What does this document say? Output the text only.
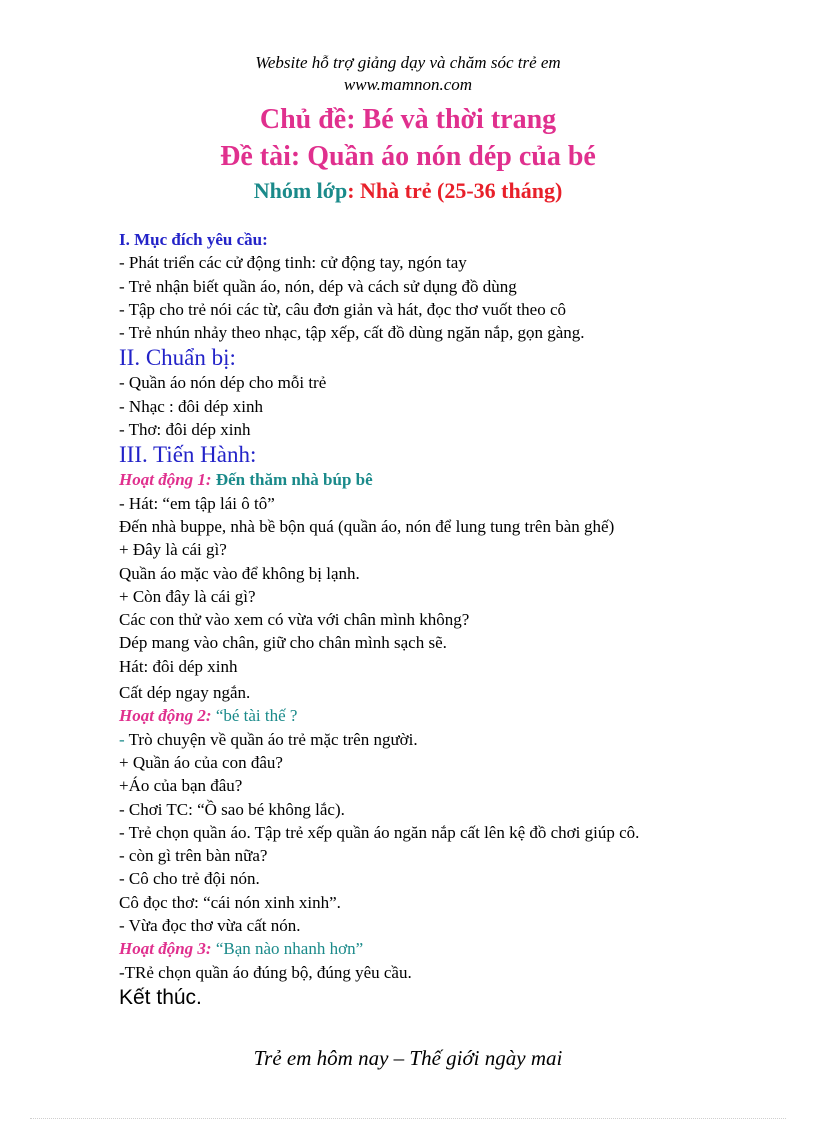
Website hỗ trợ giảng dạy và chăm sóc trẻ em
www.mamnon.com
Chủ đề: Bé và thời trang
Đề tài: Quần áo nón dép của bé
Nhóm lớp: Nhà trẻ (25-36 tháng)
I. Mục đích yêu cầu:
- Phát triển các cử động tinh: cử động tay, ngón tay
- Trẻ nhận biết quần áo, nón, dép và cách sử dụng đồ dùng
- Tập cho trẻ nói các từ, câu đơn giản và hát, đọc thơ vuốt theo cô
- Trẻ nhún nhảy theo nhạc, tập xếp, cất đồ dùng ngăn nắp, gọn gàng.
II. Chuẩn bị:
- Quần áo nón dép cho mỗi trẻ
- Nhạc : đôi dép xinh
- Thơ: đôi dép xinh
III. Tiến Hành:
Hoạt động 1: Đến thăm nhà búp bê
- Hát: “em tập lái ô tô”
Đến nhà buppe, nhà bề bộn quá (quần áo, nón để lung tung trên bàn ghế)
+ Đây là cái gì?
Quần áo mặc vào để không bị lạnh.
+ Còn đây là cái gì?
Các con thử vào xem có vừa với chân mình không?
Dép mang vào chân, giữ cho chân mình sạch sẽ.
Hát: đôi dép xinh
Cất dép ngay ngắn.
Hoạt động 2: “bé tài thế ?
- Trò chuyện về quần áo trẻ mặc trên người.
+ Quần áo của con đâu?
+Áo của bạn đâu?
- Chơi TC: “Ồ sao bé không lắc).
- Trẻ chọn quần áo. Tập trẻ xếp quần áo ngăn nắp cất lên kệ đồ chơi giúp cô.
- còn gì trên bàn nữa?
- Cô cho trẻ đội nón.
Cô đọc thơ: “cái nón xinh xinh”.
- Vừa đọc thơ vừa cất nón.
Hoạt động 3: “Bạn nào nhanh hơn”
-TRẻ chọn quần áo đúng bộ, đúng yêu cầu.
Kết thúc.
Trẻ em hôm nay – Thế giới ngày mai
